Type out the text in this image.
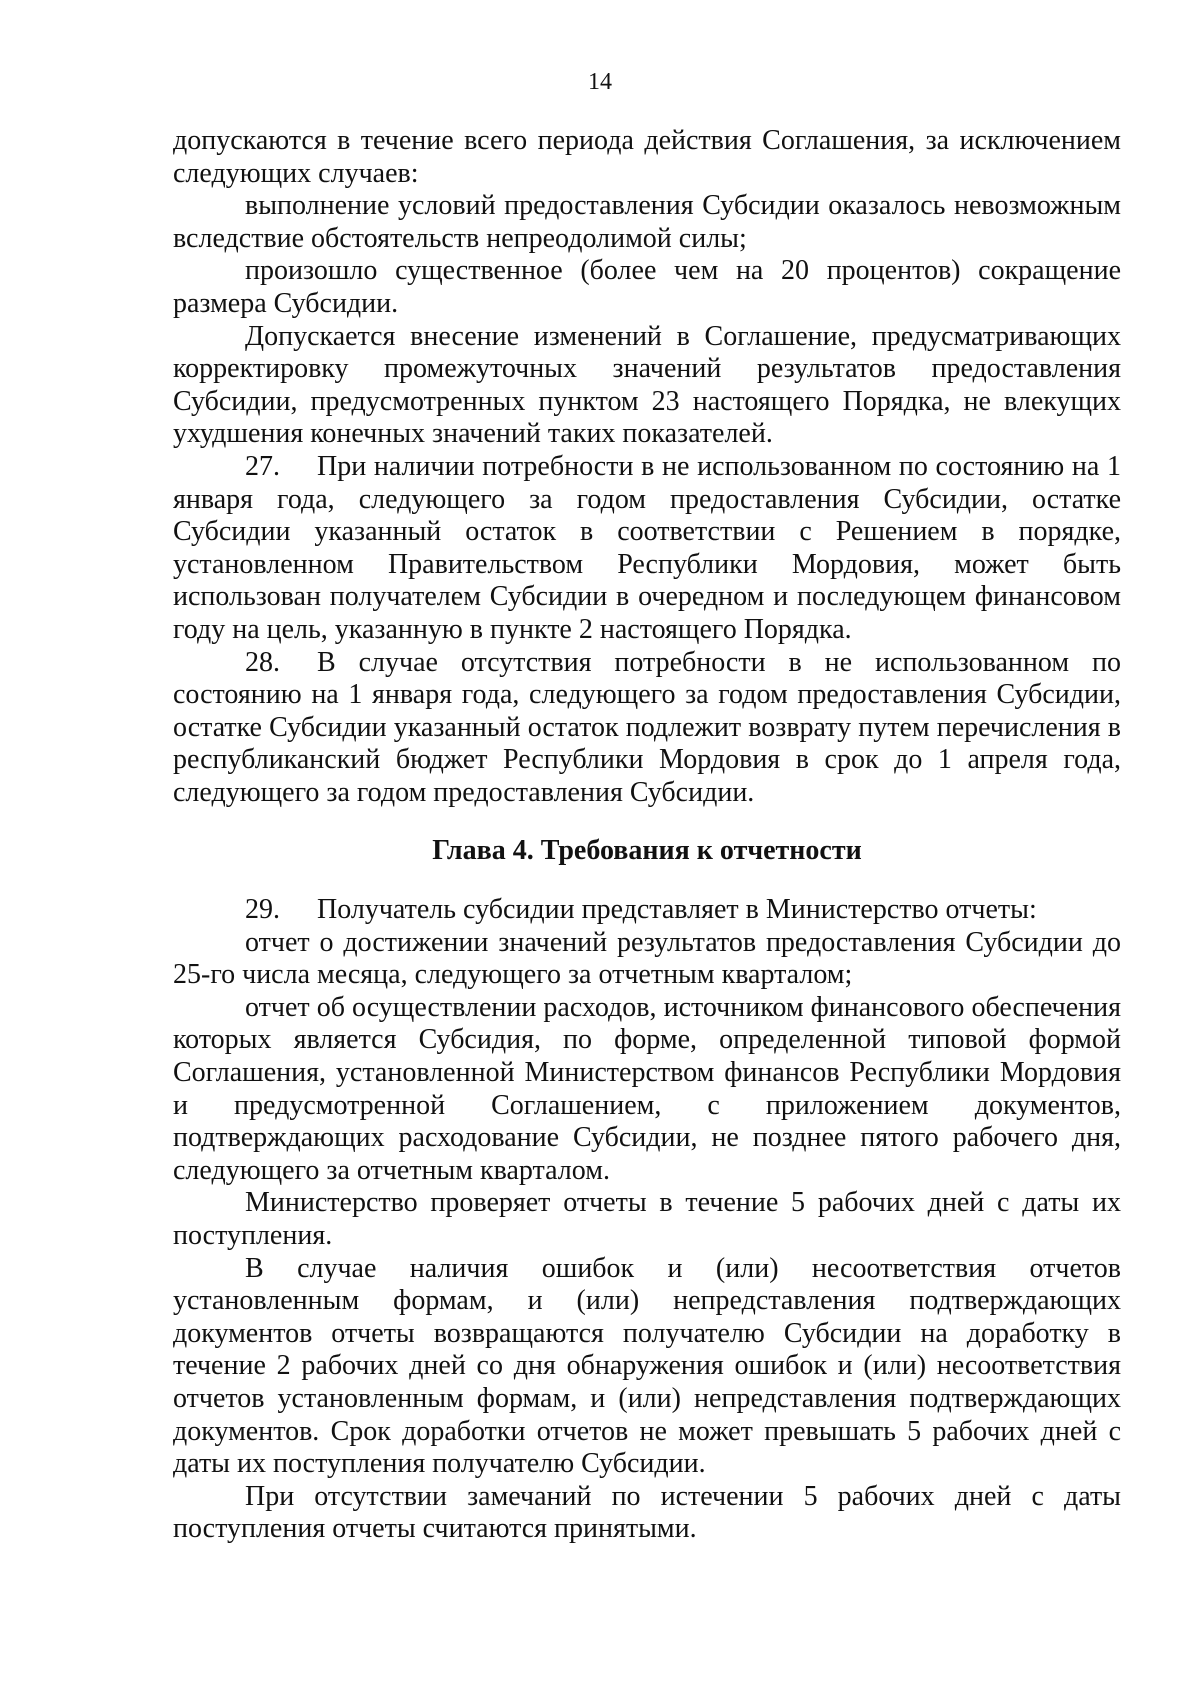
14

допускаются в течение всего периода действия Соглашения, за исключением следующих случаев:

выполнение условий предоставления Субсидии оказалось невозможным вследствие обстоятельств непреодолимой силы;

произошло существенное (более чем на 20 процентов) сокращение размера Субсидии.

Допускается внесение изменений в Соглашение, предусматривающих корректировку промежуточных значений результатов предоставления Субсидии, предусмотренных пунктом 23 настоящего Порядка, не влекущих ухудшения конечных значений таких показателей.

27. При наличии потребности в не использованном по состоянию на 1 января года, следующего за годом предоставления Субсидии, остатке Субсидии указанный остаток в соответствии с Решением в порядке, установленном Правительством Республики Мордовия, может быть использован получателем Субсидии в очередном и последующем финансовом году на цель, указанную в пункте 2 настоящего Порядка.

28. В случае отсутствия потребности в не использованном по состоянию на 1 января года, следующего за годом предоставления Субсидии, остатке Субсидии указанный остаток подлежит возврату путем перечисления в республиканский бюджет Республики Мордовия в срок до 1 апреля года, следующего за годом предоставления Субсидии.

Глава 4. Требования к отчетности

29. Получатель субсидии представляет в Министерство отчеты:

отчет о достижении значений результатов предоставления Субсидии до 25-го числа месяца, следующего за отчетным кварталом;

отчет об осуществлении расходов, источником финансового обеспечения которых является Субсидия, по форме, определенной типовой формой Соглашения, установленной Министерством финансов Республики Мордовия и предусмотренной Соглашением, с приложением документов, подтверждающих расходование Субсидии, не позднее пятого рабочего дня, следующего за отчетным кварталом.

Министерство проверяет отчеты в течение 5 рабочих дней с даты их поступления.

В случае наличия ошибок и (или) несоответствия отчетов установленным формам, и (или) непредставления подтверждающих документов отчеты возвращаются получателю Субсидии на доработку в течение 2 рабочих дней со дня обнаружения ошибок и (или) несоответствия отчетов установленным формам, и (или) непредставления подтверждающих документов. Срок доработки отчетов не может превышать 5 рабочих дней с даты их поступления получателю Субсидии.

При отсутствии замечаний по истечении 5 рабочих дней с даты поступления отчеты считаются принятыми.
